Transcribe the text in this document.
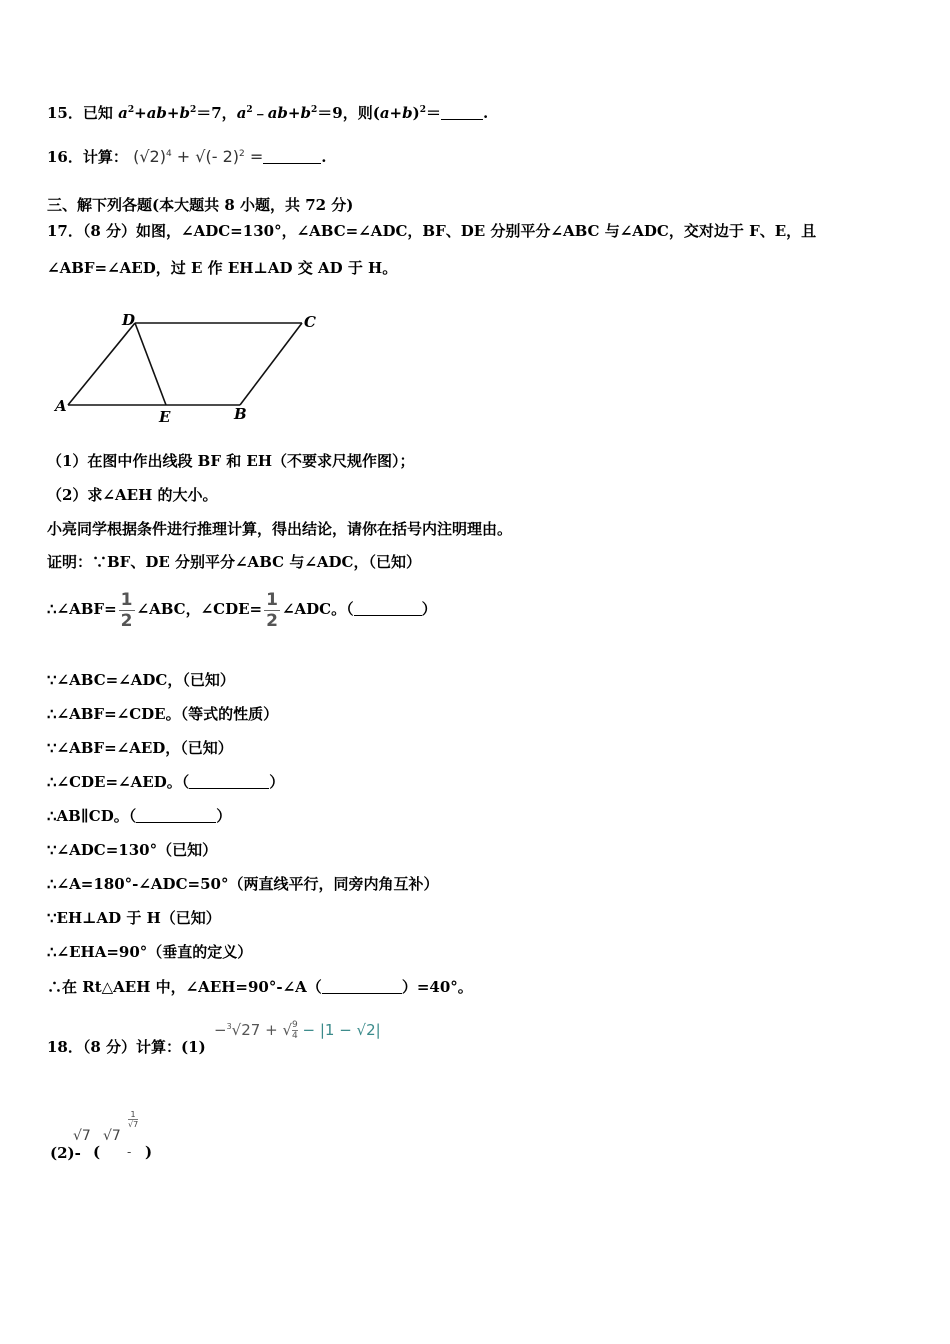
15．已知 $a^2+ab+b^2=7$，$a^2﹣ab+b^2=9$，则$(a+b)^2=$	.
16．计算： $(√2)^4$ + √(- 2)$^2$ =	.
三、解下列各题(本大题共 8 小题，共 72 分)
17．（8 分）如图，∠ADC=130°，∠ABC=∠ADC，BF、DE 分别平分∠ABC 与∠ADC，交对边于 F、E，且
∠ABF=∠AED，过 E 作 EH⊥AD 交 AD 于 H。
D	C
A
E	B
（1）在图中作出线段 BF 和 EH（不要求尺规作图）；
（2）求∠AEH 的大小。
小亮同学根据条件进行推理计算，得出结论，请你在括号内注明理由。
证明：∵BF、DE 分别平分∠ABC 与∠ADC，（已知）
∴∠ABF= $\frac{1}{2}$ ∠ABC，∠CDE= $\frac{1}{2}$ ∠ADC。（	）
∵∠ABC=∠ADC，（已知）
∴∠ABF=∠CDE。（等式的性质）
∵∠ABF=∠AED，（已知）
∴∠CDE=∠AED。（	）
∴AB∥CD。（	）
∵∠ADC=130°（已知）
∴∠A=180°-∠ADC=50°（两直线平行，同旁内角互补）
∵EH⊥AD 于 H（已知）
∴∠EHA=90°（垂直的定义）
∴在 Rt△AEH 中，∠AEH=90°-∠A（	）=40°。
18．（8 分）计算：(1)
−$^3$√27 + √ $\frac{9}{4} - |1 - √2|$
(2)-
√7
(
√7
-
1
√7
)
